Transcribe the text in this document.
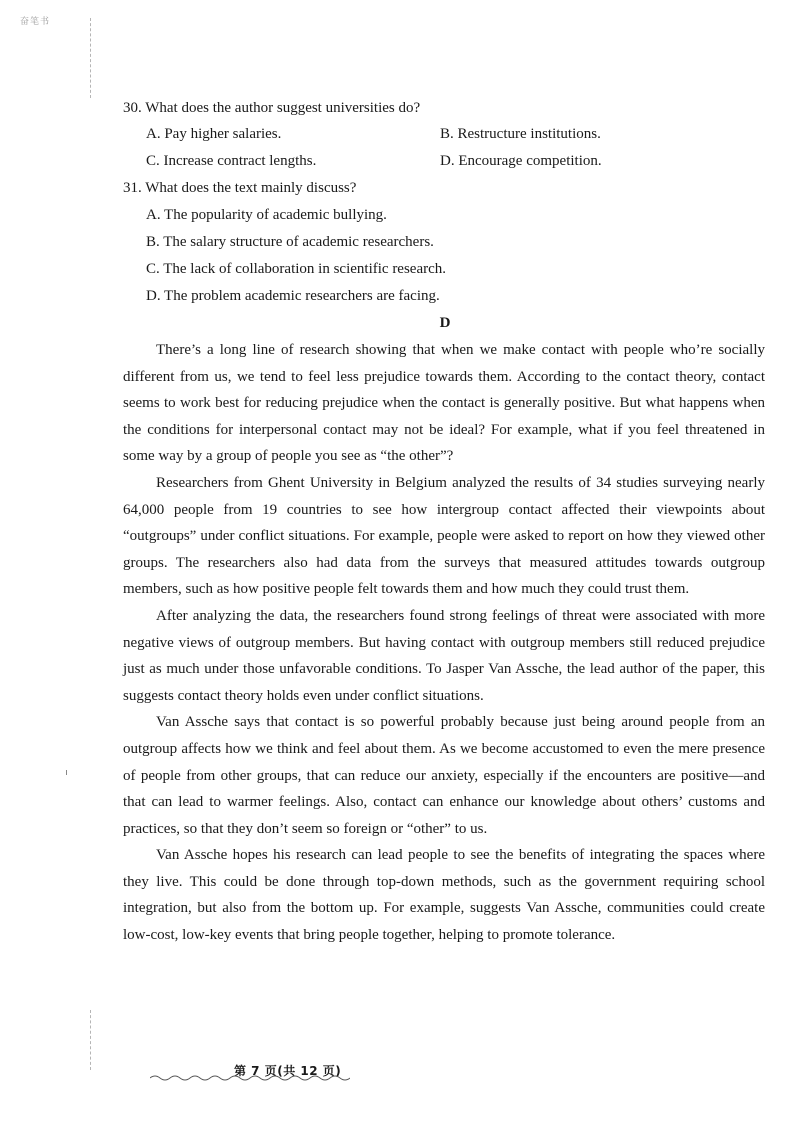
奋笔书
30. What does the author suggest universities do?
A. Pay higher salaries.	B. Restructure institutions.
C. Increase contract lengths.	D. Encourage competition.
31. What does the text mainly discuss?
A. The popularity of academic bullying.
B. The salary structure of academic researchers.
C. The lack of collaboration in scientific research.
D. The problem academic researchers are facing.
D

There’s a long line of research showing that when we make contact with people who’re socially different from us, we tend to feel less prejudice towards them. According to the contact theory, contact seems to work best for reducing prejudice when the contact is generally positive. But what happens when the conditions for interpersonal contact may not be ideal? For example, what if you feel threatened in some way by a group of people you see as “the other”?

Researchers from Ghent University in Belgium analyzed the results of 34 studies surveying nearly 64,000 people from 19 countries to see how intergroup contact affected their viewpoints about “outgroups” under conflict situations. For example, people were asked to report on how they viewed other groups. The researchers also had data from the surveys that measured attitudes towards outgroup members, such as how positive people felt towards them and how much they could trust them.

After analyzing the data, the researchers found strong feelings of threat were associated with more negative views of outgroup members. But having contact with outgroup members still reduced prejudice just as much under those unfavorable conditions. To Jasper Van Assche, the lead author of the paper, this suggests contact theory holds even under conflict situations.

Van Assche says that contact is so powerful probably because just being around people from an outgroup affects how we think and feel about them. As we become accustomed to even the mere presence of people from other groups, that can reduce our anxiety, especially if the encounters are positive—and that can lead to warmer feelings. Also, contact can enhance our knowledge about others’ customs and practices, so that they don’t seem so foreign or “other” to us.

Van Assche hopes his research can lead people to see the benefits of integrating the spaces where they live. This could be done through top-down methods, such as the government requiring school integration, but also from the bottom up. For example, suggests Van Assche, communities could create low-cost, low-key events that bring people together, helping to promote tolerance.

第 7 页(共 12 页)
